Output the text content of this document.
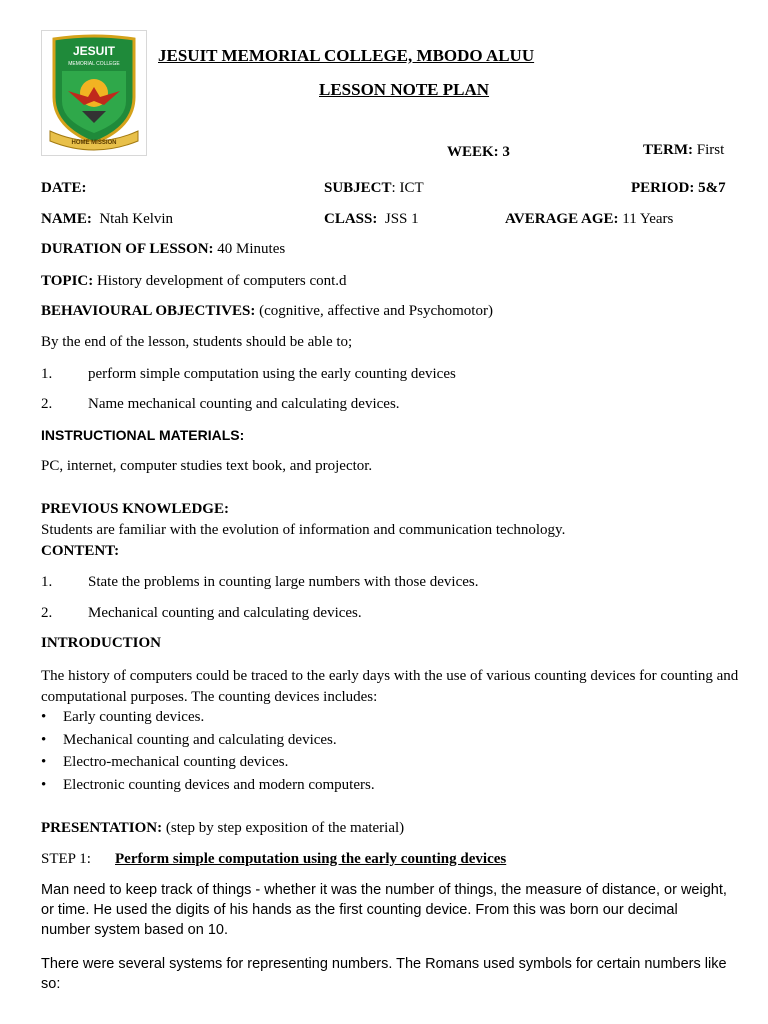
JESUIT
MEMORIAL COLLEGE
HOME MISSION
JESUIT MEMORIAL COLLEGE, MBODO ALUU
LESSON NOTE PLAN
WEEK: 3	TERM: First
DATE:	SUBJECT: ICT	PERIOD: 5&7
NAME:  Ntah Kelvin	CLASS:  JSS 1	AVERAGE AGE: 11 Years
DURATION OF LESSON: 40 Minutes
TOPIC: History development of computers cont.d
BEHAVIOURAL OBJECTIVES: (cognitive, affective and Psychomotor)
By the end of the lesson, students should be able to;
1. perform simple computation using the early counting devices
2. Name mechanical counting and calculating devices.
INSTRUCTIONAL MATERIALS:
PC, internet, computer studies text book, and projector.
PREVIOUS KNOWLEDGE:
Students are familiar with the evolution of information and communication technology.
CONTENT:
1. State the problems in counting large numbers with those devices.
2. Mechanical counting and calculating devices.
INTRODUCTION
The history of computers could be traced to the early days with the use of various counting devices for counting and computational purposes. The counting devices includes:
• Early counting devices.
• Mechanical counting and calculating devices.
• Electro-mechanical counting devices.
• Electronic counting devices and modern computers.
PRESENTATION: (step by step exposition of the material)
STEP 1: Perform simple computation using the early counting devices
Man need to keep track of things - whether it was the number of things, the measure of distance, or weight, or time. He used the digits of his hands as the first counting device. From this was born our decimal number system based on 10.
There were several systems for representing numbers. The Romans used symbols for certain numbers like so:
